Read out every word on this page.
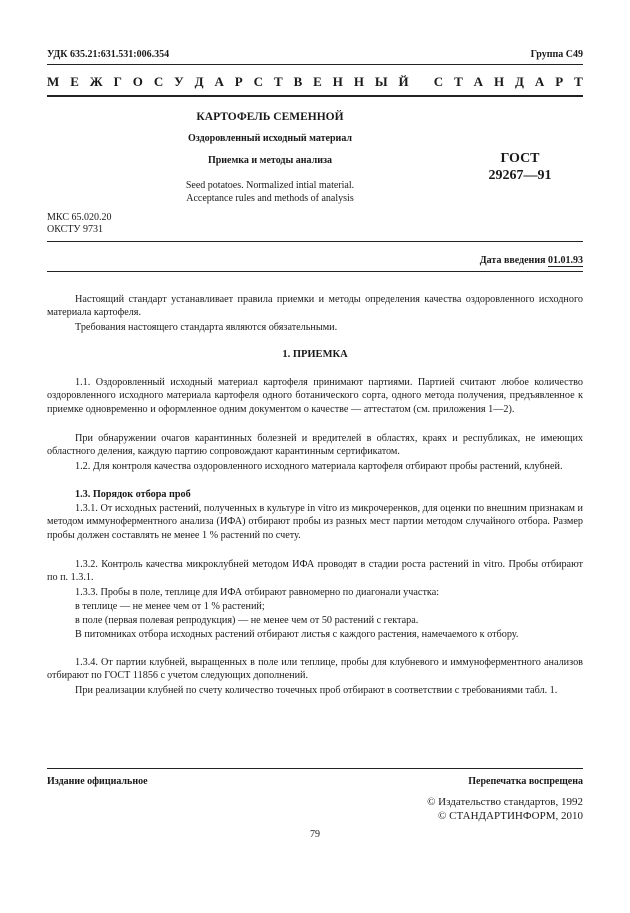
УДК 635.21:631.531:006.354	Группа С49
М Е Ж Г О С У Д А Р С Т В Е Н Н Ы Й
С Т А Н Д А Р Т
КАРТОФЕЛЬ СЕМЕННОЙ
Оздоровленный исходный материал
Приемка и методы анализа
Seed potatoes. Normalized intial material.
Acceptance rules and methods of analysis
ГОСТ
29267—91
МКС 65.020.20
ОКСТУ 9731
Дата введения 01.01.93

Настоящий стандарт устанавливает правила приемки и методы определения качества оздоровленного исходного материала картофеля.

Требования настоящего стандарта являются обязательными.

1. ПРИЕМКА

1.1. Оздоровленный исходный материал картофеля принимают партиями. Партией считают любое количество оздоровленного исходного материала картофеля одного ботанического сорта, одного метода получения, предъявленное к приемке одновременно и оформленное одним документом о качестве — аттестатом (см. приложения 1—2).

При обнаружении очагов карантинных болезней и вредителей в областях, краях и республиках, не имеющих областного деления, каждую партию сопровождают карантинным сертификатом.

1.2. Для контроля качества оздоровленного исходного материала картофеля отбирают пробы растений, клубней.

1.3. Порядок отбора проб

1.3.1. От исходных растений, полученных в культуре in vitro из микрочеренков, для оценки по внешним признакам и методом иммуноферментного анализа (ИФА) отбирают пробы из разных мест партии методом случайного отбора. Размер пробы должен составлять не менее 1 % растений по счету.

1.3.2. Контроль качества микроклубней методом ИФА проводят в стадии роста растений in vitro. Пробы отбирают по п. 1.3.1.

1.3.3. Пробы в поле, теплице для ИФА отбирают равномерно по диагонали участка:

в теплице — не менее чем от 1 % растений;

в поле (первая полевая репродукция) — не менее чем от 50 растений с гектара.

В питомниках отбора исходных растений отбирают листья с каждого растения, намечаемого к отбору.

1.3.4. От партии клубней, выращенных в поле или теплице, пробы для клубневого и иммуноферментного анализов отбирают по ГОСТ 11856 с учетом следующих дополнений.

При реализации клубней по счету количество точечных проб отбирают в соответствии с требованиями табл. 1.

Издание официальное	Перепечатка воспрещена
© Издательство стандартов, 1992
© СТАНДАРТИНФОРМ, 2010
79
